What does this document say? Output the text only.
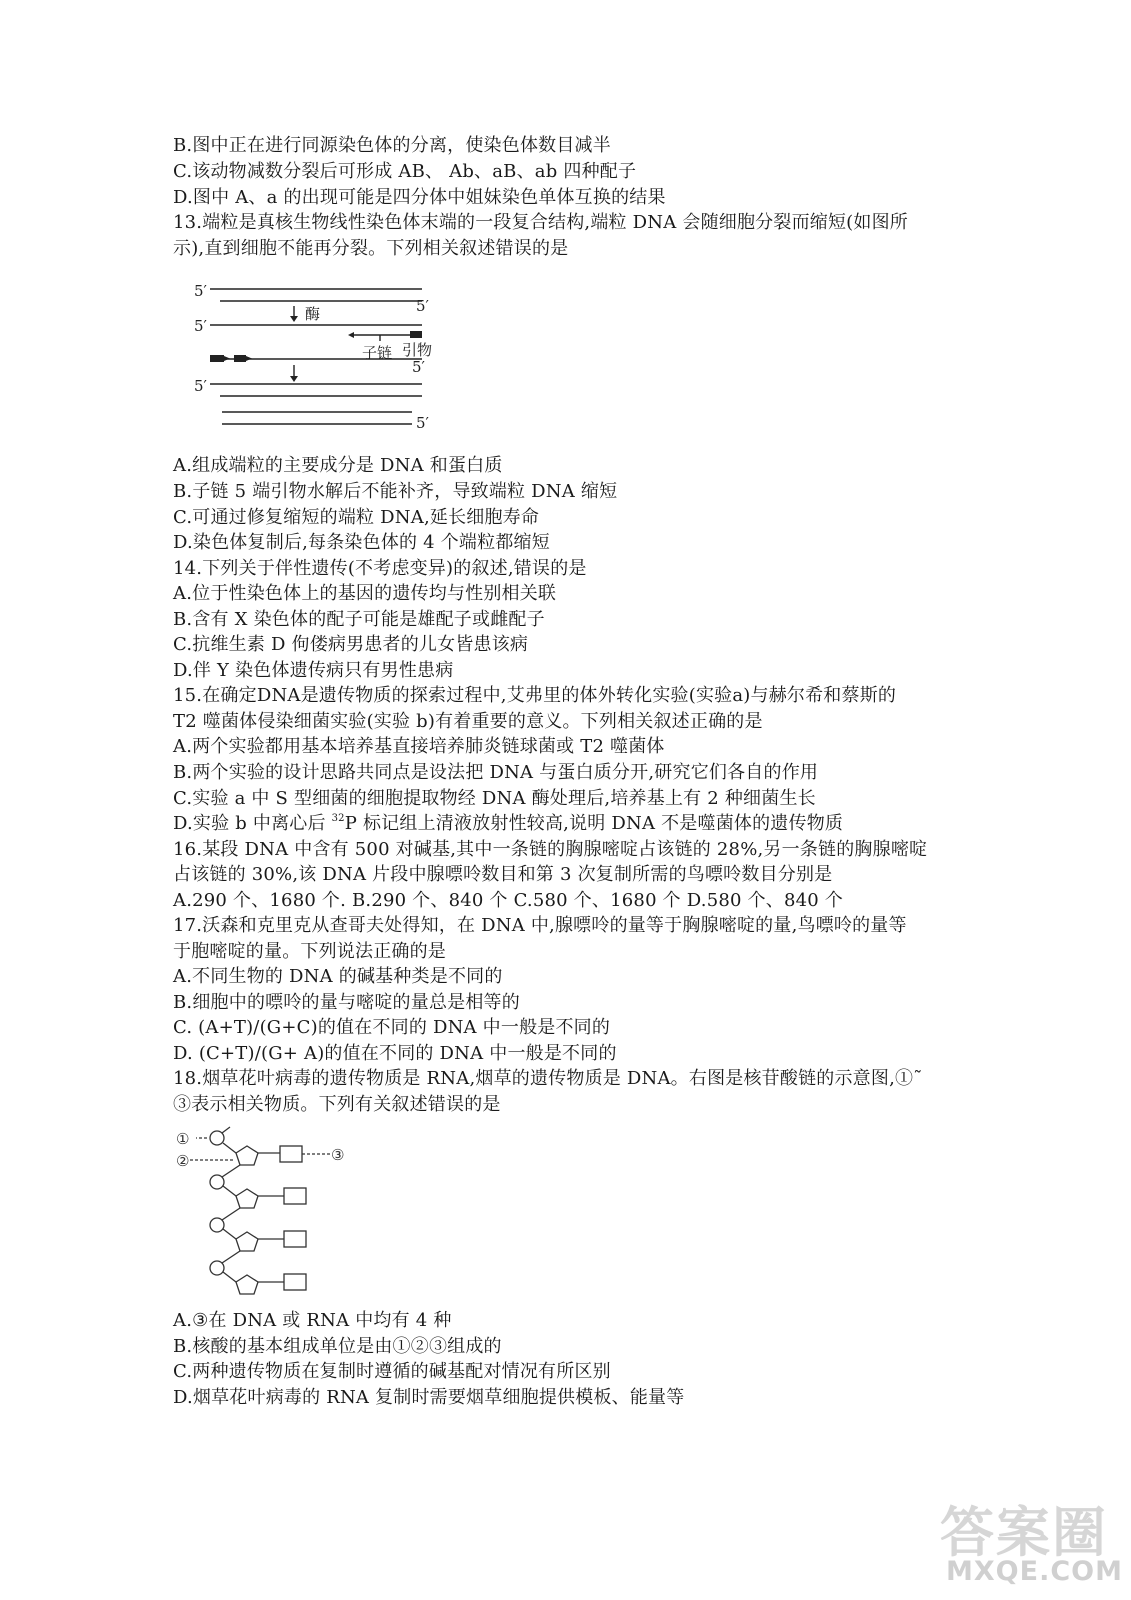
B.图中正在进行同源染色体的分离，使染色体数目减半
C.该动物减数分裂后可形成 AB、 Ab、aB、ab 四种配子
D.图中 A、a 的出现可能是四分体中姐妹染色单体互换的结果
13.端粒是真核生物线性染色体末端的一段复合结构,端粒 DNA 会随细胞分裂而缩短(如图所
示),直到细胞不能再分裂。下列相关叙述错误的是
5′
5′
5′
5′
5′
5′
酶
子链 引物
A.组成端粒的主要成分是 DNA 和蛋白质
B.子链 5 端引物水解后不能补齐，导致端粒 DNA 缩短
C.可通过修复缩短的端粒 DNA,延长细胞寿命
D.染色体复制后,每条染色体的 4 个端粒都缩短
14.下列关于伴性遗传(不考虑变异)的叙述,错误的是
A.位于性染色体上的基因的遗传均与性别相关联
B.含有 X 染色体的配子可能是雄配子或雌配子
C.抗维生素 D 佝偻病男患者的儿女皆患该病
D.伴 Y 染色体遗传病只有男性患病
15.在确定DNA是遗传物质的探索过程中,艾弗里的体外转化实验(实验a)与赫尔希和蔡斯的
T2 噬菌体侵染细菌实验(实验 b)有着重要的意义。下列相关叙述正确的是
A.两个实验都用基本培养基直接培养肺炎链球菌或 T2 噬菌体
B.两个实验的设计思路共同点是设法把 DNA 与蛋白质分开,研究它们各自的作用
C.实验 a 中 S 型细菌的细胞提取物经 DNA 酶处理后,培养基上有 2 种细菌生长
D.实验 b 中离心后 $^{32}$P 标记组上清液放射性较高,说明 DNA 不是噬菌体的遗传物质
16.某段 DNA 中含有 500 对碱基,其中一条链的胸腺嘧啶占该链的 28%,另一条链的胸腺嘧啶
占该链的 30%,该 DNA 片段中腺嘌呤数目和第 3 次复制所需的鸟嘌呤数目分别是
A.290 个、1680 个. B.290 个、840 个 C.580 个、1680 个 D.580 个、840 个
17.沃森和克里克从查哥夫处得知，在 DNA 中,腺嘌呤的量等于胸腺嘧啶的量,鸟嘌呤的量等
于胞嘧啶的量。下列说法正确的是
A.不同生物的 DNA 的碱基种类是不同的
B.细胞中的嘌呤的量与嘧啶的量总是相等的
C. (A+T)/(G+C)的值在不同的 DNA 中一般是不同的
D. (C+T)/(G+ A)的值在不同的 DNA 中一般是不同的
18.烟草花叶病毒的遗传物质是 RNA,烟草的遗传物质是 DNA。右图是核苷酸链的示意图,①˜
③表示相关物质。下列有关叙述错误的是
①
②	③
A.③在 DNA 或 RNA 中均有 4 种
B.核酸的基本组成单位是由①②③组成的
C.两种遗传物质在复制时遵循的碱基配对情况有所区别
D.烟草花叶病毒的 RNA 复制时需要烟草细胞提供模板、能量等
答案圈
MXQE.COM
